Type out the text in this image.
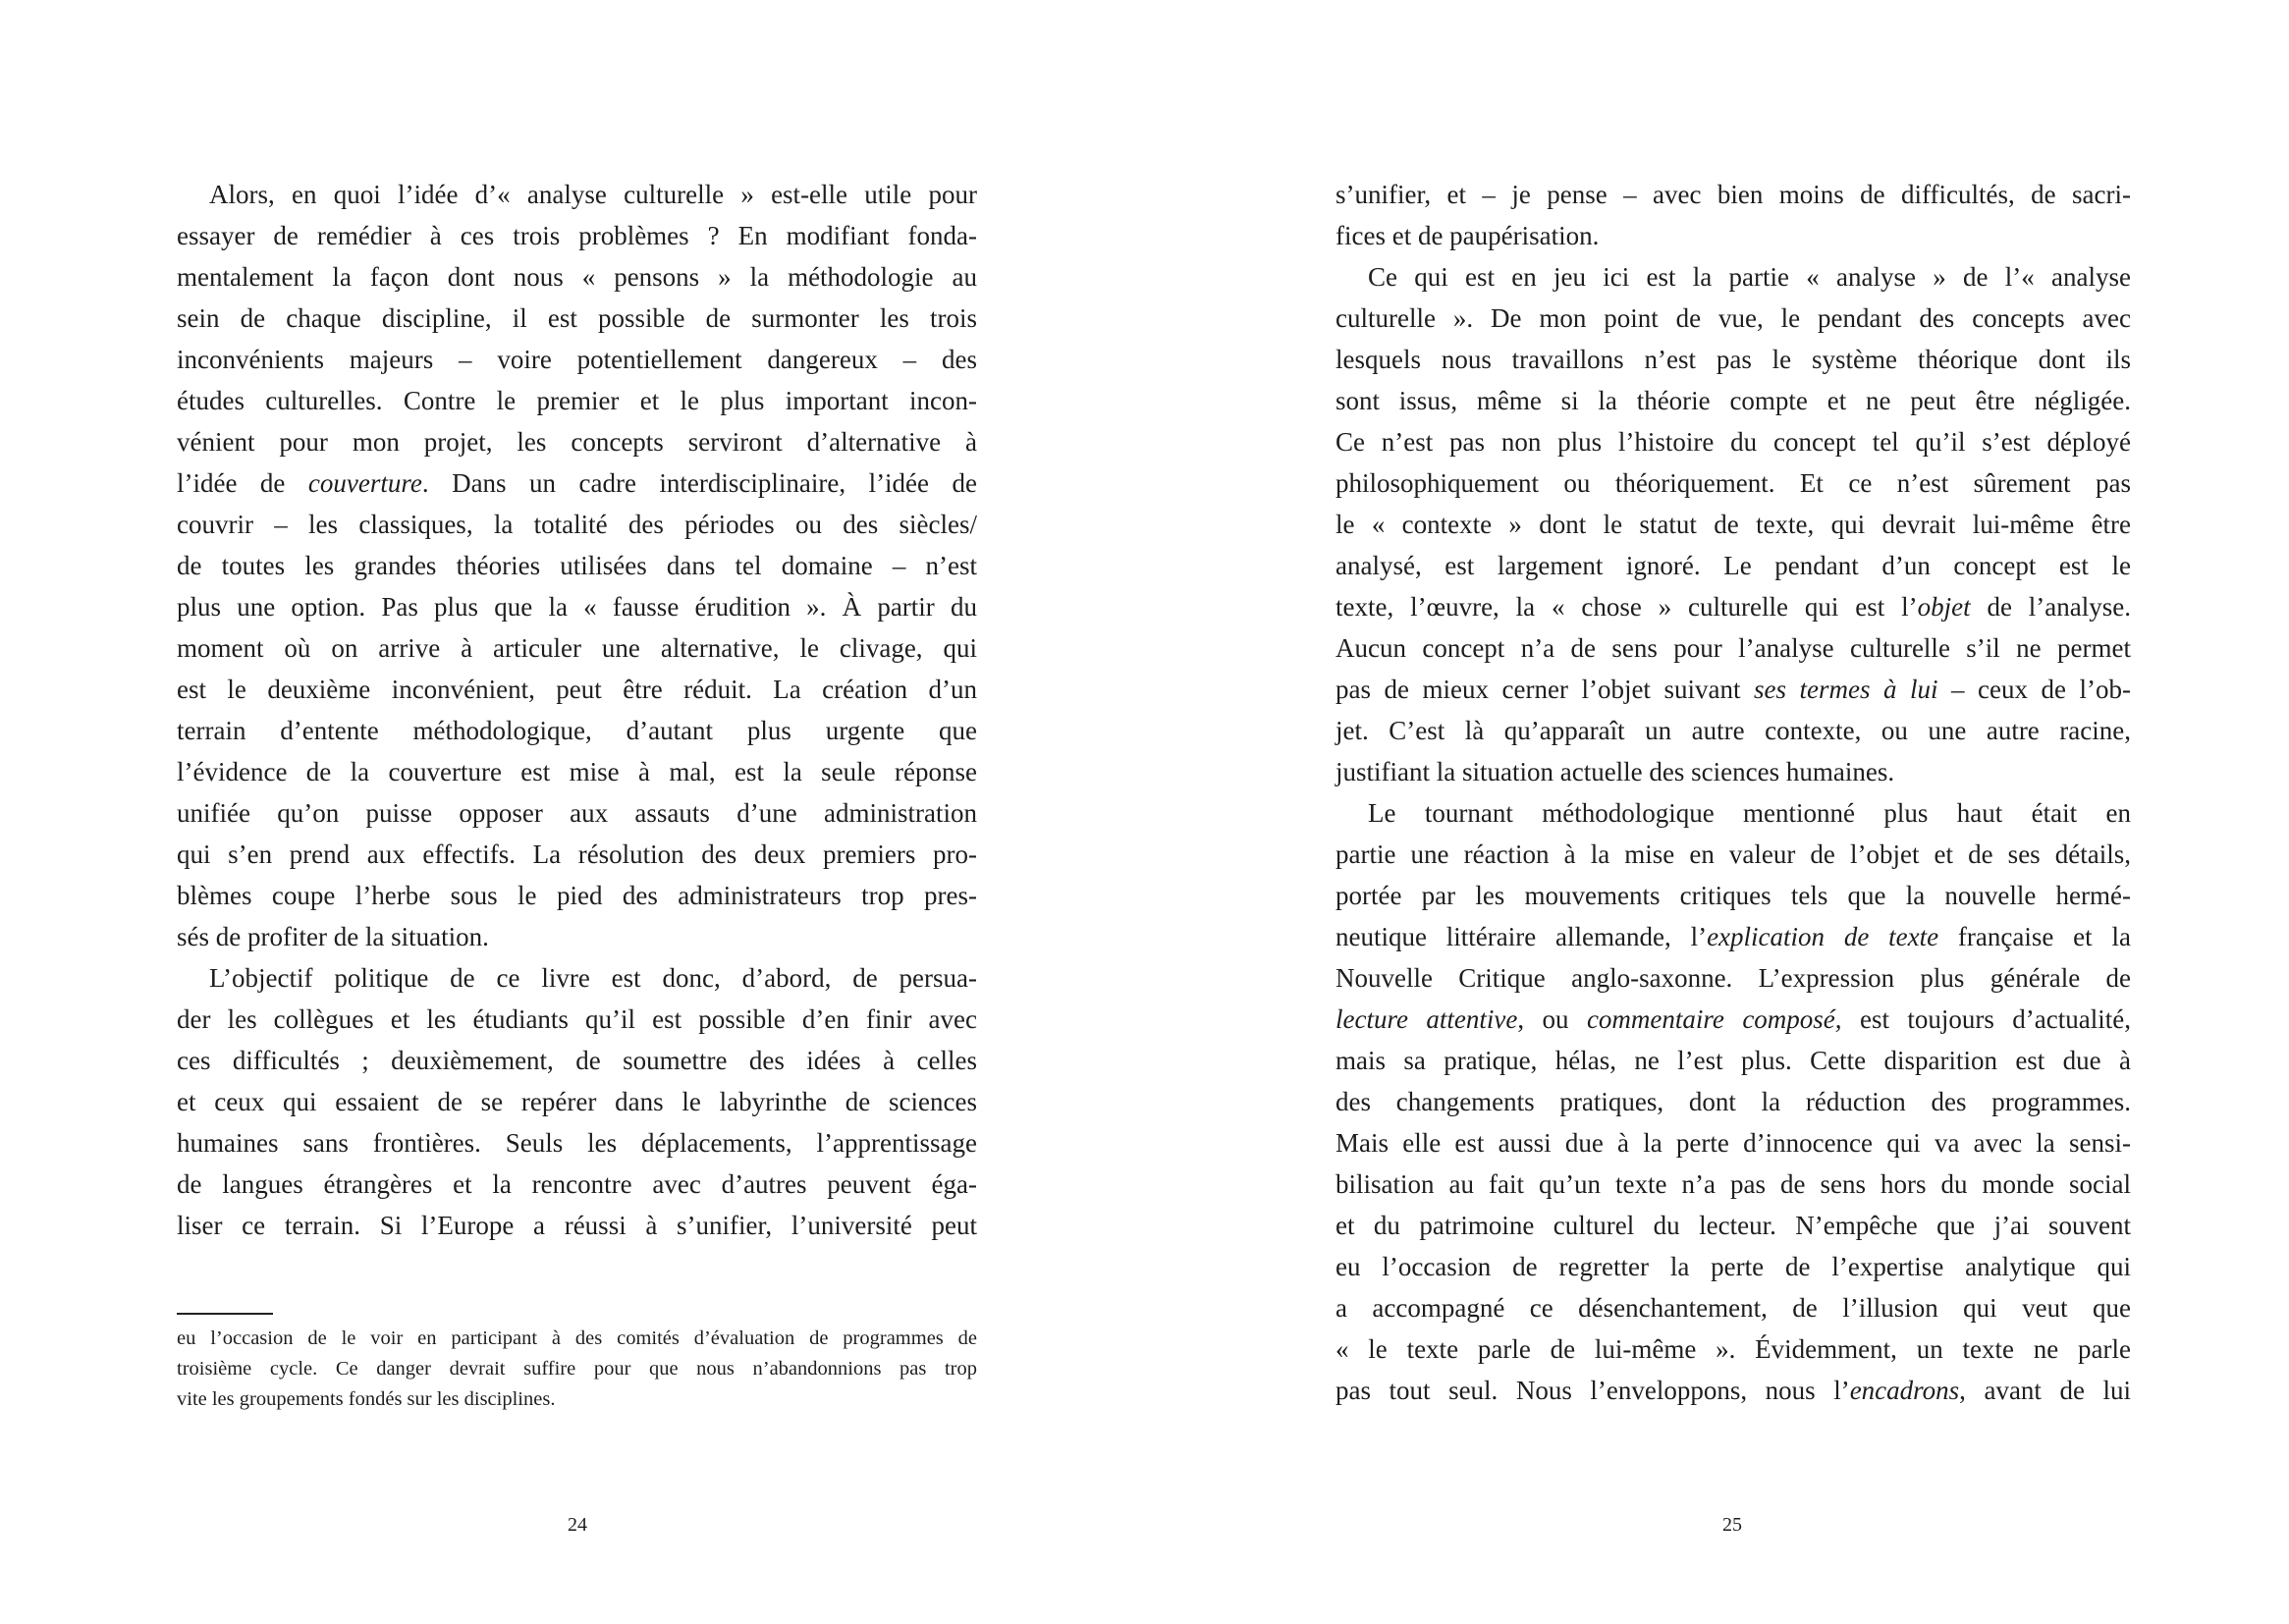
Alors, en quoi l’idée d’« analyse culturelle » est-elle utile pour
essayer de remédier à ces trois problèmes ? En modifiant fonda-
mentalement la façon dont nous « pensons » la méthodologie au
sein de chaque discipline, il est possible de surmonter les trois
inconvénients majeurs – voire potentiellement dangereux – des
études culturelles. Contre le premier et le plus important incon-
vénient pour mon projet, les concepts serviront d’alternative à
l’idée de couverture. Dans un cadre interdisciplinaire, l’idée de
couvrir – les classiques, la totalité des périodes ou des siècles/
de toutes les grandes théories utilisées dans tel domaine – n’est
plus une option. Pas plus que la « fausse érudition ». À partir du
moment où on arrive à articuler une alternative, le clivage, qui
est le deuxième inconvénient, peut être réduit. La création d’un
terrain d’entente méthodologique, d’autant plus urgente que
l’évidence de la couverture est mise à mal, est la seule réponse
unifiée qu’on puisse opposer aux assauts d’une administration
qui s’en prend aux effectifs. La résolution des deux premiers pro-
blèmes coupe l’herbe sous le pied des administrateurs trop pres-
sés de profiter de la situation.
L’objectif politique de ce livre est donc, d’abord, de persua-
der les collègues et les étudiants qu’il est possible d’en finir avec
ces difficultés ; deuxièmement, de soumettre des idées à celles
et ceux qui essaient de se repérer dans le labyrinthe de sciences
humaines sans frontières. Seuls les déplacements, l’apprentissage
de langues étrangères et la rencontre avec d’autres peuvent éga-
liser ce terrain. Si l’Europe a réussi à s’unifier, l’université peut
eu l’occasion de le voir en participant à des comités d’évaluation de programmes de
troisième cycle. Ce danger devrait suffire pour que nous n’abandonnions pas trop
vite les groupements fondés sur les disciplines.
24
s’unifier, et – je pense – avec bien moins de difficultés, de sacri-
fices et de paupérisation.
Ce qui est en jeu ici est la partie « analyse » de l’« analyse
culturelle ». De mon point de vue, le pendant des concepts avec
lesquels nous travaillons n’est pas le système théorique dont ils
sont issus, même si la théorie compte et ne peut être négligée.
Ce n’est pas non plus l’histoire du concept tel qu’il s’est déployé
philosophiquement ou théoriquement. Et ce n’est sûrement pas
le « contexte » dont le statut de texte, qui devrait lui-même être
analysé, est largement ignoré. Le pendant d’un concept est le
texte, l’œuvre, la « chose » culturelle qui est l’objet de l’analyse.
Aucun concept n’a de sens pour l’analyse culturelle s’il ne permet
pas de mieux cerner l’objet suivant ses termes à lui – ceux de l’ob-
jet. C’est là qu’apparaît un autre contexte, ou une autre racine,
justifiant la situation actuelle des sciences humaines.
Le tournant méthodologique mentionné plus haut était en
partie une réaction à la mise en valeur de l’objet et de ses détails,
portée par les mouvements critiques tels que la nouvelle hermé-
neutique littéraire allemande, l’explication de texte française et la
Nouvelle Critique anglo-saxonne. L’expression plus générale de
lecture attentive, ou commentaire composé, est toujours d’actualité,
mais sa pratique, hélas, ne l’est plus. Cette disparition est due à
des changements pratiques, dont la réduction des programmes.
Mais elle est aussi due à la perte d’innocence qui va avec la sensi-
bilisation au fait qu’un texte n’a pas de sens hors du monde social
et du patrimoine culturel du lecteur. N’empêche que j’ai souvent
eu l’occasion de regretter la perte de l’expertise analytique qui
a accompagné ce désenchantement, de l’illusion qui veut que
« le texte parle de lui-même ». Évidemment, un texte ne parle
pas tout seul. Nous l’enveloppons, nous l’encadrons, avant de lui
25
